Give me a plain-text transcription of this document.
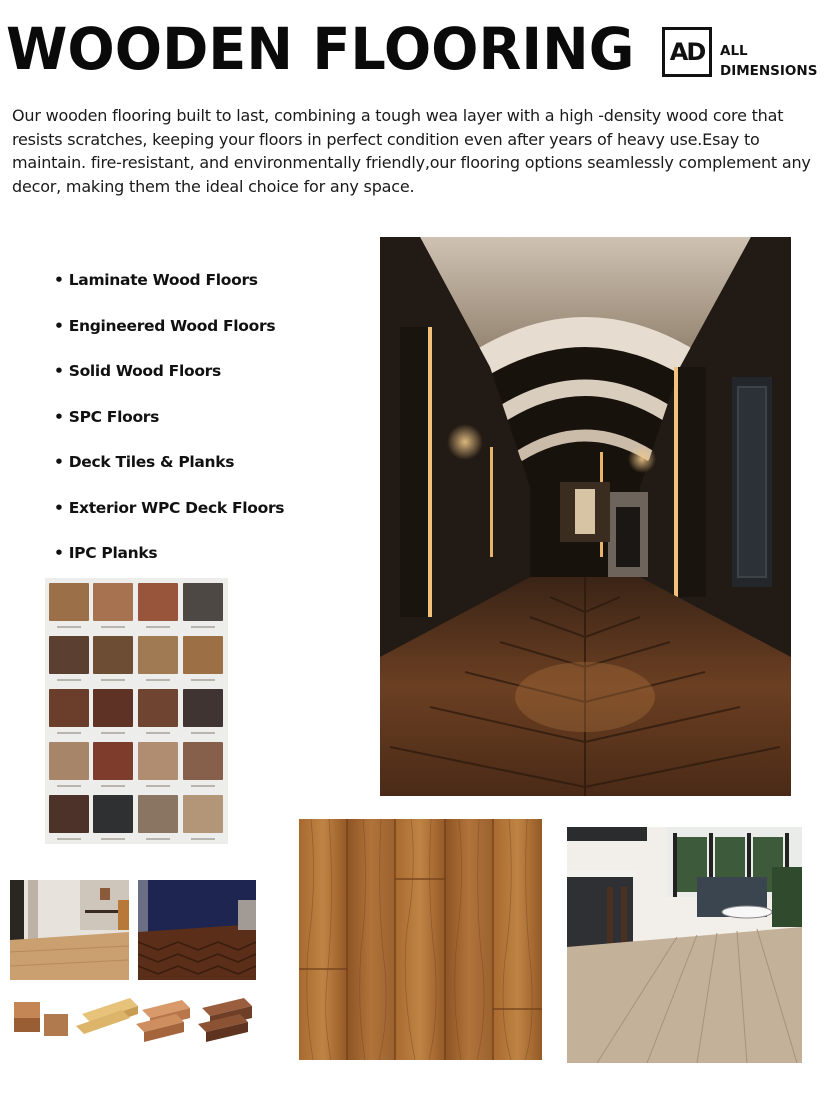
WOODEN FLOORING AD ALL
DIMENSIONS

Our wooden flooring built to last, combining a tough wea layer with a high -density wood core that resists scratches, keeping your floors in perfect condition even after years of heavy use.Esay to maintain. fire-resistant, and environmentally friendly,our flooring options seamlessly complement any decor, making them the ideal choice for any space.

• Laminate Wood Floors
• Engineered Wood Floors
• Solid Wood Floors
• SPC Floors
• Deck Tiles & Planks
• Exterior WPC Deck Floors
• IPC Planks
